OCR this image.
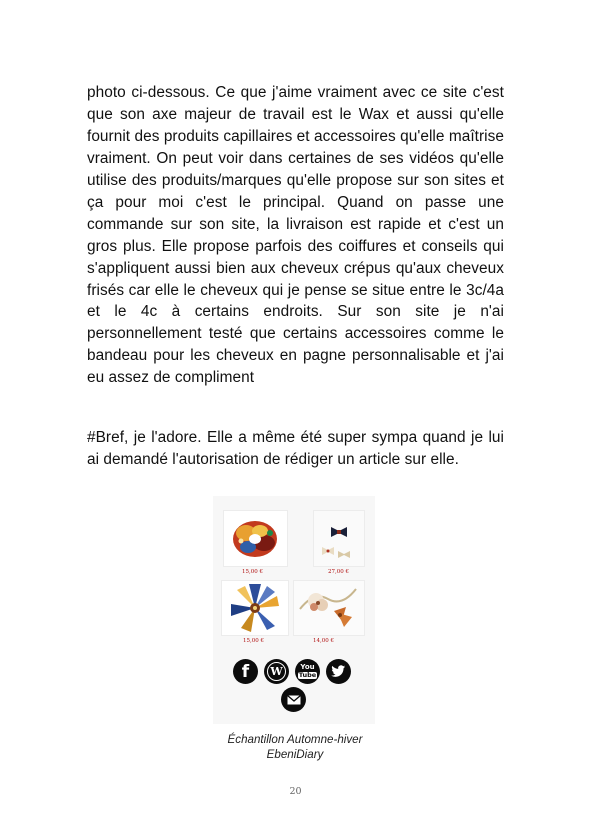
photo ci-dessous. Ce que j'aime vraiment avec ce site c'est que son axe majeur de travail est le Wax et aussi qu'elle fournit des produits capillaires et accessoires qu'elle maîtrise vraiment. On peut voir dans certaines de ses vidéos qu'elle utilise des produits/marques qu'elle propose sur son sites et ça pour moi c'est le principal. Quand on passe une commande sur son site, la livraison est rapide et c'est un gros plus. Elle propose parfois des coiffures et conseils qui s'appliquent aussi bien aux cheveux crépus qu'aux cheveux frisés car elle le cheveux qui je pense se situe entre le 3c/4a et le 4c à certains endroits. Sur son site je n'ai personnellement testé que certains accessoires comme le bandeau pour les cheveux en pagne personnalisable et j'ai eu assez de compliment

#Bref, je l'adore. Elle a même été super sympa quand je lui ai demandé l'autorisation de rédiger un article sur elle.

15,00 €	27,00 €
15,00 €	14,00 €
f	W	You
Tube
Échantillon Automne-hiver
EbeniDiary
20
